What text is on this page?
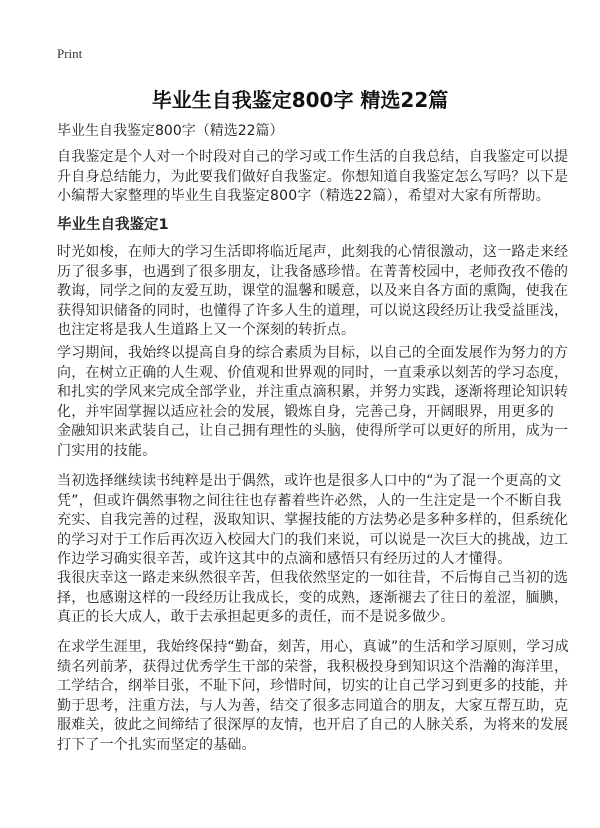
Print
毕业生自我鉴定800字 精选22篇
毕业生自我鉴定800字（精选22篇）
自我鉴定是个人对一个时段对自己的学习或工作生活的自我总结，自我鉴定可以提
升自身总结能力，为此要我们做好自我鉴定。你想知道自我鉴定怎么写吗？以下是
小编帮大家整理的毕业生自我鉴定800字（精选22篇），希望对大家有所帮助。
毕业生自我鉴定1
时光如梭，在师大的学习生活即将临近尾声，此刻我的心情很激动，这一路走来经
历了很多事，也遇到了很多朋友，让我备感珍惜。在菁菁校园中，老师孜孜不倦的
教诲，同学之间的友爱互助，课堂的温馨和暖意，以及来自各方面的熏陶，使我在
获得知识储备的同时，也懂得了许多人生的道理，可以说这段经历让我受益匪浅，
也注定将是我人生道路上又一个深刻的转折点。
学习期间，我始终以提高自身的综合素质为目标，以自己的全面发展作为努力的方
向，在树立正确的人生观、价值观和世界观的同时，一直秉承以刻苦的学习态度，
和扎实的学风来完成全部学业，并注重点滴积累，并努力实践，逐渐将理论知识转
化，并牢固掌握以适应社会的发展，锻炼自身，完善己身，开阔眼界，用更多的
金融知识来武装自己，让自己拥有理性的头脑，使得所学可以更好的所用，成为一
门实用的技能。
当初选择继续读书纯粹是出于偶然，或许也是很多人口中的“为了混一个更高的文
凭”，但或许偶然事物之间往往也存蓄着些许必然，人的一生注定是一个不断自我
充实、自我完善的过程，汲取知识、掌握技能的方法势必是多种多样的，但系统化
的学习对于工作后再次迈入校园大门的我们来说，可以说是一次巨大的挑战，边工
作边学习确实很辛苦，或许这其中的点滴和感悟只有经历过的人才懂得。
我很庆幸这一路走来纵然很辛苦，但我依然坚定的一如往昔，不后悔自己当初的选
择，也感谢这样的一段经历让我成长，变的成熟，逐渐褪去了往日的羞涩，腼腆，
真正的长大成人，敢于去承担起更多的责任，而不是说多做少。
在求学生涯里，我始终保持“勤奋，刻苦，用心，真诚”的生活和学习原则，学习成
绩名列前茅，获得过优秀学生干部的荣誉，我积极投身到知识这个浩瀚的海洋里，
工学结合，纲举目张，不耻下问，珍惜时间，切实的让自己学习到更多的技能，并
勤于思考，注重方法，与人为善，结交了很多志同道合的朋友，大家互帮互助，克
服难关，彼此之间缔结了很深厚的友情，也开启了自己的人脉关系，为将来的发展
打下了一个扎实而坚定的基础。
